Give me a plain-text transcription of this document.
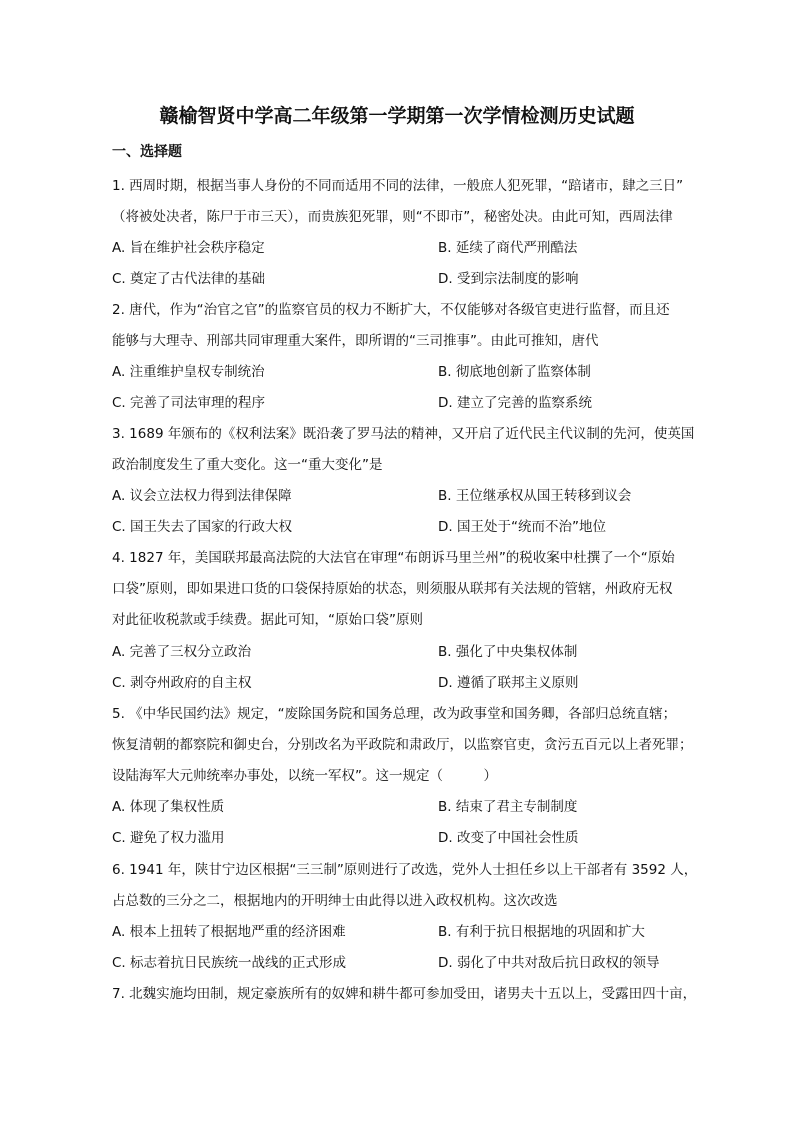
赣榆智贤中学高二年级第一学期第一次学情检测历史试题
一、选择题
1. 西周时期，根据当事人身份的不同而适用不同的法律，一般庶人犯死罪，“踣诸市，肆之三日”
（将被处决者，陈尸于市三天），而贵族犯死罪，则“不即市”，秘密处决。由此可知，西周法律
A. 旨在维护社会秩序稳定	B. 延续了商代严刑酷法
C. 奠定了古代法律的基础	D. 受到宗法制度的影响
2. 唐代，作为“治官之官”的监察官员的权力不断扩大，不仅能够对各级官吏进行监督，而且还
能够与大理寺、刑部共同审理重大案件，即所谓的“三司推事”。由此可推知，唐代
A. 注重维护皇权专制统治	B. 彻底地创新了监察体制
C. 完善了司法审理的程序	D. 建立了完善的监察系统
3. 1689 年颁布的《权利法案》既沿袭了罗马法的精神，又开启了近代民主代议制的先河，使英国
政治制度发生了重大变化。这一“重大变化”是
A. 议会立法权力得到法律保障	B. 王位继承权从国王转移到议会
C. 国王失去了国家的行政大权	D. 国王处于“统而不治”地位
4. 1827 年，美国联邦最高法院的大法官在审理“布朗诉马里兰州”的税收案中杜撰了一个“原始
口袋”原则，即如果进口货的口袋保持原始的状态，则须服从联邦有关法规的管辖，州政府无权
对此征收税款或手续费。据此可知，“原始口袋”原则
A. 完善了三权分立政治	B. 强化了中央集权体制
C. 剥夺州政府的自主权	D. 遵循了联邦主义原则
5. 《中华民国约法》规定，“废除国务院和国务总理，改为政事堂和国务卿，各部归总统直辖；
恢复清朝的都察院和御史台，分别改名为平政院和肃政厅，以监察官吏，贪污五百元以上者死罪；
设陆海军大元帅统率办事处，以统一军权”。这一规定（　　　）
A. 体现了集权性质	B. 结束了君主专制制度
C. 避免了权力滥用	D. 改变了中国社会性质
6. 1941 年，陕甘宁边区根据“三三制”原则进行了改选，党外人士担任乡以上干部者有 3592 人，
占总数的三分之二，根据地内的开明绅士由此得以进入政权机构。这次改选
A. 根本上扭转了根据地严重的经济困难	B. 有利于抗日根据地的巩固和扩大
C. 标志着抗日民族统一战线的正式形成	D. 弱化了中共对敌后抗日政权的领导
7. 北魏实施均田制，规定豪族所有的奴婢和耕牛都可参加受田，诸男夫十五以上，受露田四十亩，
